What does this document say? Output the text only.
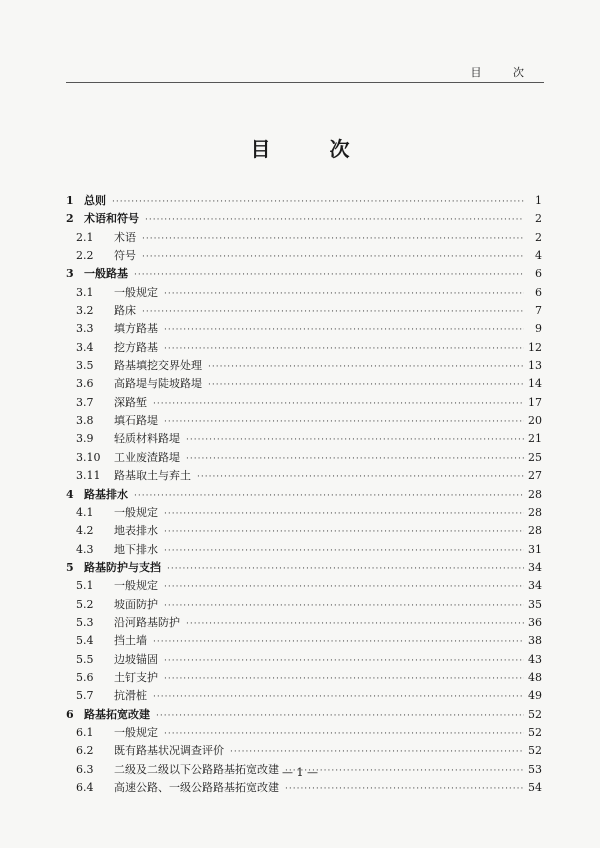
目 次
目 次
1 总则 ·····	1
2 术语和符号 ·····	2
2.1	术语 ·····	2
2.2	符号 ·····	4
3 一般路基 ·····	6
3.1	一般规定 ·····	6
3.2	路床 ·····	7
3.3	填方路基 ·····	9
3.4	挖方路基 ·····	12
3.5	路基填挖交界处理 ·····	13
3.6	高路堤与陡坡路堤 ·····	14
3.7	深路堑 ·····	17
3.8	填石路堤 ·····	20
3.9	轻质材料路堤 ·····	21
3.10	工业废渣路堤 ·····	25
3.11	路基取土与弃土 ·····	27
4 路基排水 ·····	28
4.1	一般规定 ·····	28
4.2	地表排水 ·····	28
4.3	地下排水 ·····	31
5 路基防护与支挡 ·····	34
5.1	一般规定 ·····	34
5.2	坡面防护 ·····	35
5.3	沿河路基防护 ·····	36
5.4	挡土墙 ·····	38
5.5	边坡锚固 ·····	43
5.6	土钉支护 ·····	48
5.7	抗滑桩 ·····	49
6 路基拓宽改建 ·····	52
6.1	一般规定 ·····	52
6.2	既有路基状况调查评价 ·····	52
6.3	二级及二级以下公路路基拓宽改建 ·····	53
6.4	高速公路、一级公路路基拓宽改建 ·····	54
— 1 —
